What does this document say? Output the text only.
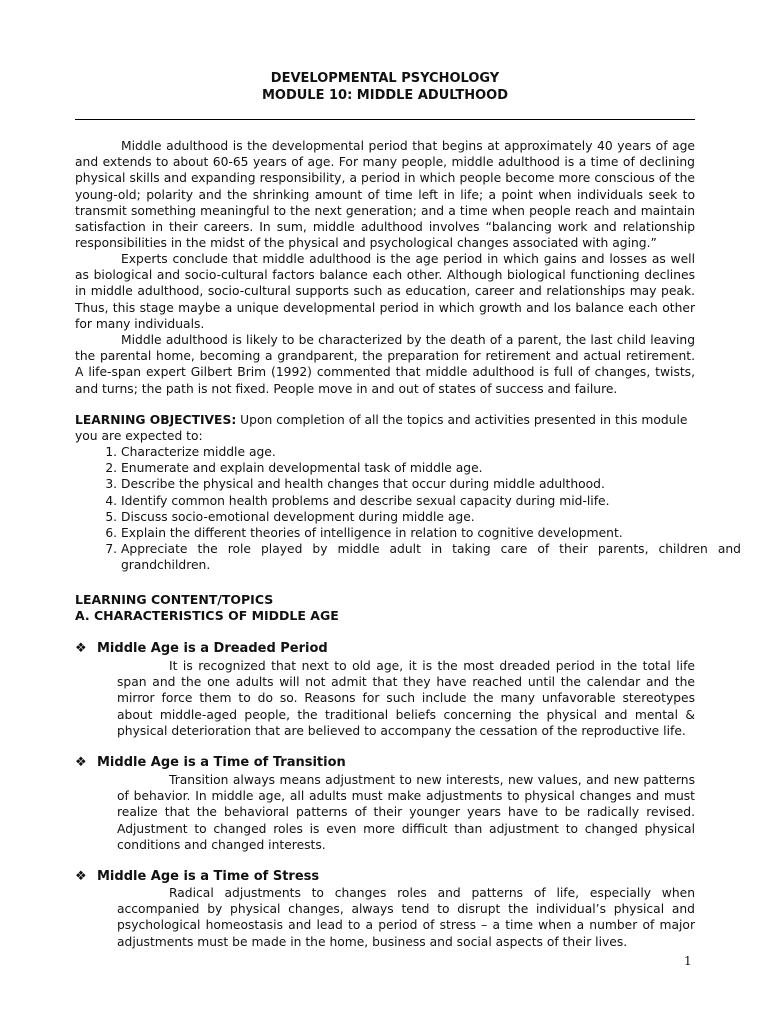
DEVELOPMENTAL PSYCHOLOGY
MODULE 10: MIDDLE ADULTHOOD

Middle adulthood is the developmental period that begins at approximately 40 years of age and extends to about 60-65 years of age. For many people, middle adulthood is a time of declining physical skills and expanding responsibility, a period in which people become more conscious of the young-old; polarity and the shrinking amount of time left in life; a point when individuals seek to transmit something meaningful to the next generation; and a time when people reach and maintain satisfaction in their careers. In sum, middle adulthood involves “balancing work and relationship responsibilities in the midst of the physical and psychological changes associated with aging.”

Experts conclude that middle adulthood is the age period in which gains and losses as well as biological and socio-cultural factors balance each other. Although biological functioning declines in middle adulthood, socio-cultural supports such as education, career and relationships may peak. Thus, this stage maybe a unique developmental period in which growth and los balance each other for many individuals.

Middle adulthood is likely to be characterized by the death of a parent, the last child leaving the parental home, becoming a grandparent, the preparation for retirement and actual retirement. A life-span expert Gilbert Brim (1992) commented that middle adulthood is full of changes, twists, and turns; the path is not fixed. People move in and out of states of success and failure.

LEARNING OBJECTIVES: Upon completion of all the topics and activities presented in this module you are expected to:
1. Characterize middle age.
2. Enumerate and explain developmental task of middle age.
3. Describe the physical and health changes that occur during middle adulthood.
4. Identify common health problems and describe sexual capacity during mid-life.
5. Discuss socio-emotional development during middle age.
6. Explain the different theories of intelligence in relation to cognitive development.
7. Appreciate the role played by middle adult in taking care of their parents, children and grandchildren.
LEARNING CONTENT/TOPICS
A. CHARACTERISTICS OF MIDDLE AGE
❖ Middle Age is a Dreaded Period

It is recognized that next to old age, it is the most dreaded period in the total life span and the one adults will not admit that they have reached until the calendar and the mirror force them to do so. Reasons for such include the many unfavorable stereotypes about middle-aged people, the traditional beliefs concerning the physical and mental & physical deterioration that are believed to accompany the cessation of the reproductive life.

❖ Middle Age is a Time of Transition

Transition always means adjustment to new interests, new values, and new patterns of behavior. In middle age, all adults must make adjustments to physical changes and must realize that the behavioral patterns of their younger years have to be radically revised. Adjustment to changed roles is even more difficult than adjustment to changed physical conditions and changed interests.

❖ Middle Age is a Time of Stress

Radical adjustments to changes roles and patterns of life, especially when accompanied by physical changes, always tend to disrupt the individual’s physical and psychological homeostasis and lead to a period of stress – a time when a number of major adjustments must be made in the home, business and social aspects of their lives.

1
